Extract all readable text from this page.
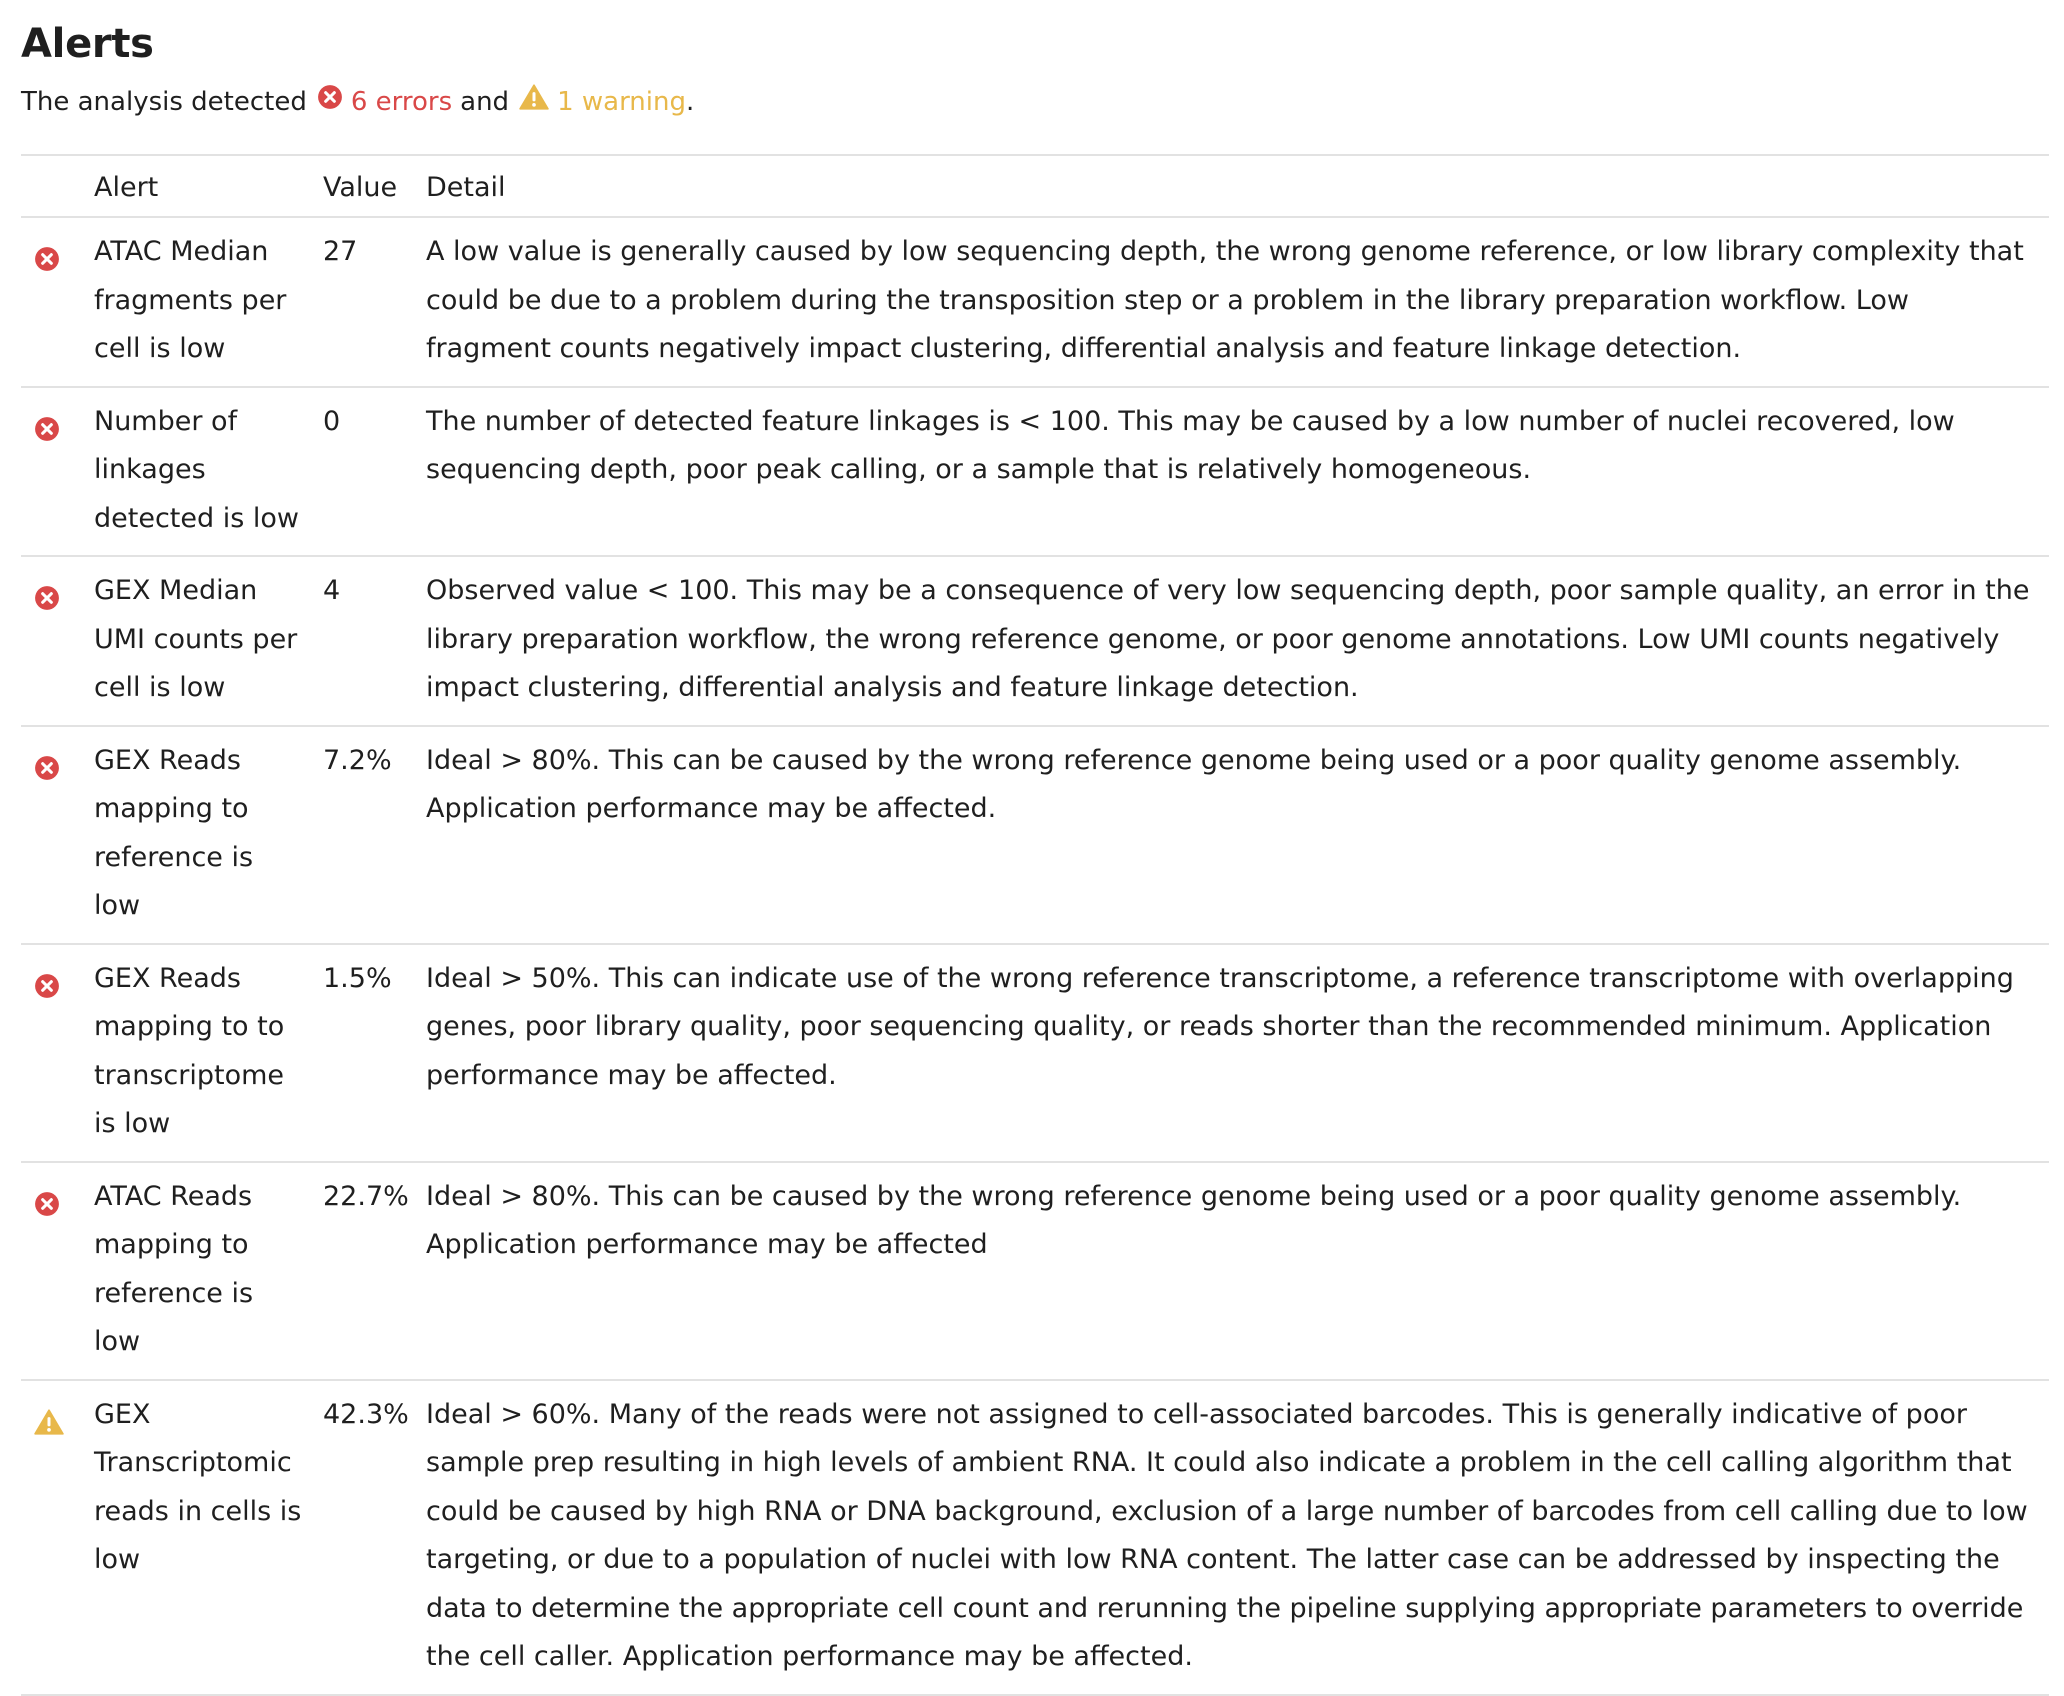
Alerts
The analysis detected 6 errors and 1 warning .
	Alert	Value	Detail
	ATAC Median fragments per cell is low	27	A low value is generally caused by low sequencing depth, the wrong genome reference, or low library complexity that could be due to a problem during the transposition step or a problem in the library preparation workflow. Low fragment counts negatively impact clustering, differential analysis and feature linkage detection.
	Number of linkages detected is low	0	The number of detected feature linkages is < 100. This may be caused by a low number of nuclei recovered, low sequencing depth, poor peak calling, or a sample that is relatively homogeneous.
	GEX Median UMI counts per cell is low	4	Observed value < 100. This may be a consequence of very low sequencing depth, poor sample quality, an error in the library preparation workflow, the wrong reference genome, or poor genome annotations. Low UMI counts negatively impact clustering, differential analysis and feature linkage detection.
	GEX Reads mapping to reference is low	7.2%	Ideal > 80%. This can be caused by the wrong reference genome being used or a poor quality genome assembly. Application performance may be affected.
	GEX Reads mapping to to transcriptome is low	1.5%	Ideal > 50%. This can indicate use of the wrong reference transcriptome, a reference transcriptome with overlapping genes, poor library quality, poor sequencing quality, or reads shorter than the recommended minimum. Application performance may be affected.
	ATAC Reads mapping to reference is low	22.7%	Ideal > 80%. This can be caused by the wrong reference genome being used or a poor quality genome assembly. Application performance may be affected
	GEX Transcriptomic reads in cells is low	42.3%	Ideal > 60%. Many of the reads were not assigned to cell-associated barcodes. This is generally indicative of poor sample prep resulting in high levels of ambient RNA. It could also indicate a problem in the cell calling algorithm that could be caused by high RNA or DNA background, exclusion of a large number of barcodes from cell calling due to low targeting, or due to a population of nuclei with low RNA content. The latter case can be addressed by inspecting the data to determine the appropriate cell count and rerunning the pipeline supplying appropriate parameters to override the cell caller. Application performance may be affected.
